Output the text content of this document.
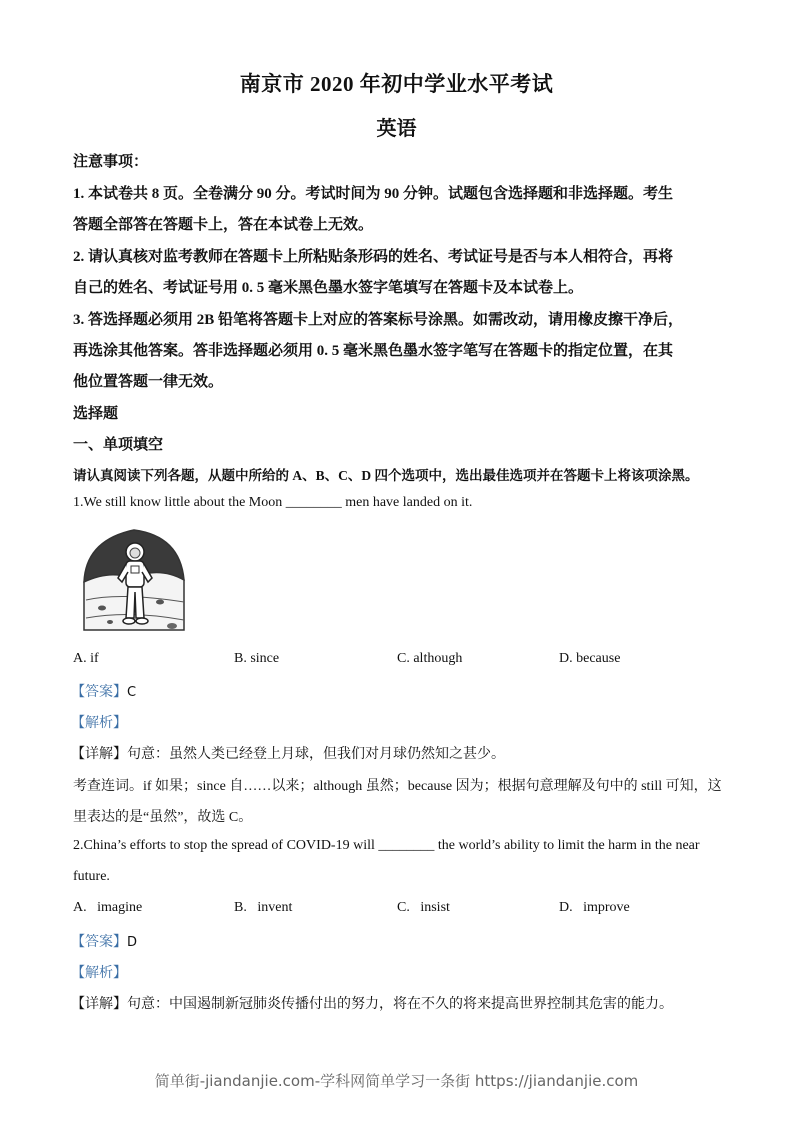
南京市 2020 年初中学业水平考试
英语
注意事项：
1. 本试卷共 8 页。全卷满分 90 分。考试时间为 90 分钟。试题包含选择题和非选择题。考生
答题全部答在答题卡上，答在本试卷上无效。
2. 请认真核对监考教师在答题卡上所粘贴条形码的姓名、考试证号是否与本人相符合，再将
自己的姓名、考试证号用 0. 5 毫米黑色墨水签字笔填写在答题卡及本试卷上。
3. 答选择题必须用 2B 铅笔将答题卡上对应的答案标号涂黑。如需改动，请用橡皮擦干净后，
再选涂其他答案。答非选择题必须用 0. 5 毫米黑色墨水签字笔写在答题卡的指定位置，在其
他位置答题一律无效。
选择题
一、单项填空
请认真阅读下列各题，从题中所给的 A、B、C、D 四个选项中，选出最佳选项并在答题卡上将该项涂黑。
1.We still know little about the Moon ________ men have landed on it.
A. if	B. since	C. although	D. because
【答案】C
【解析】
【详解】句意：虽然人类已经登上月球，但我们对月球仍然知之甚少。
考查连词。if 如果；since 自……以来；although 虽然；because 因为；根据句意理解及句中的 still 可知，这
里表达的是“虽然”，故选 C。
2.China’s efforts to stop the spread of COVID-19 will ________ the world’s ability to limit the harm in the near
future.
A.   imagine	B.   invent	C.   insist	D.   improve
【答案】D
【解析】
【详解】句意：中国遏制新冠肺炎传播付出的努力，将在不久的将来提高世界控制其危害的能力。
简单街-jiandanjie.com-学科网简单学习一条街 https://jiandanjie.com
